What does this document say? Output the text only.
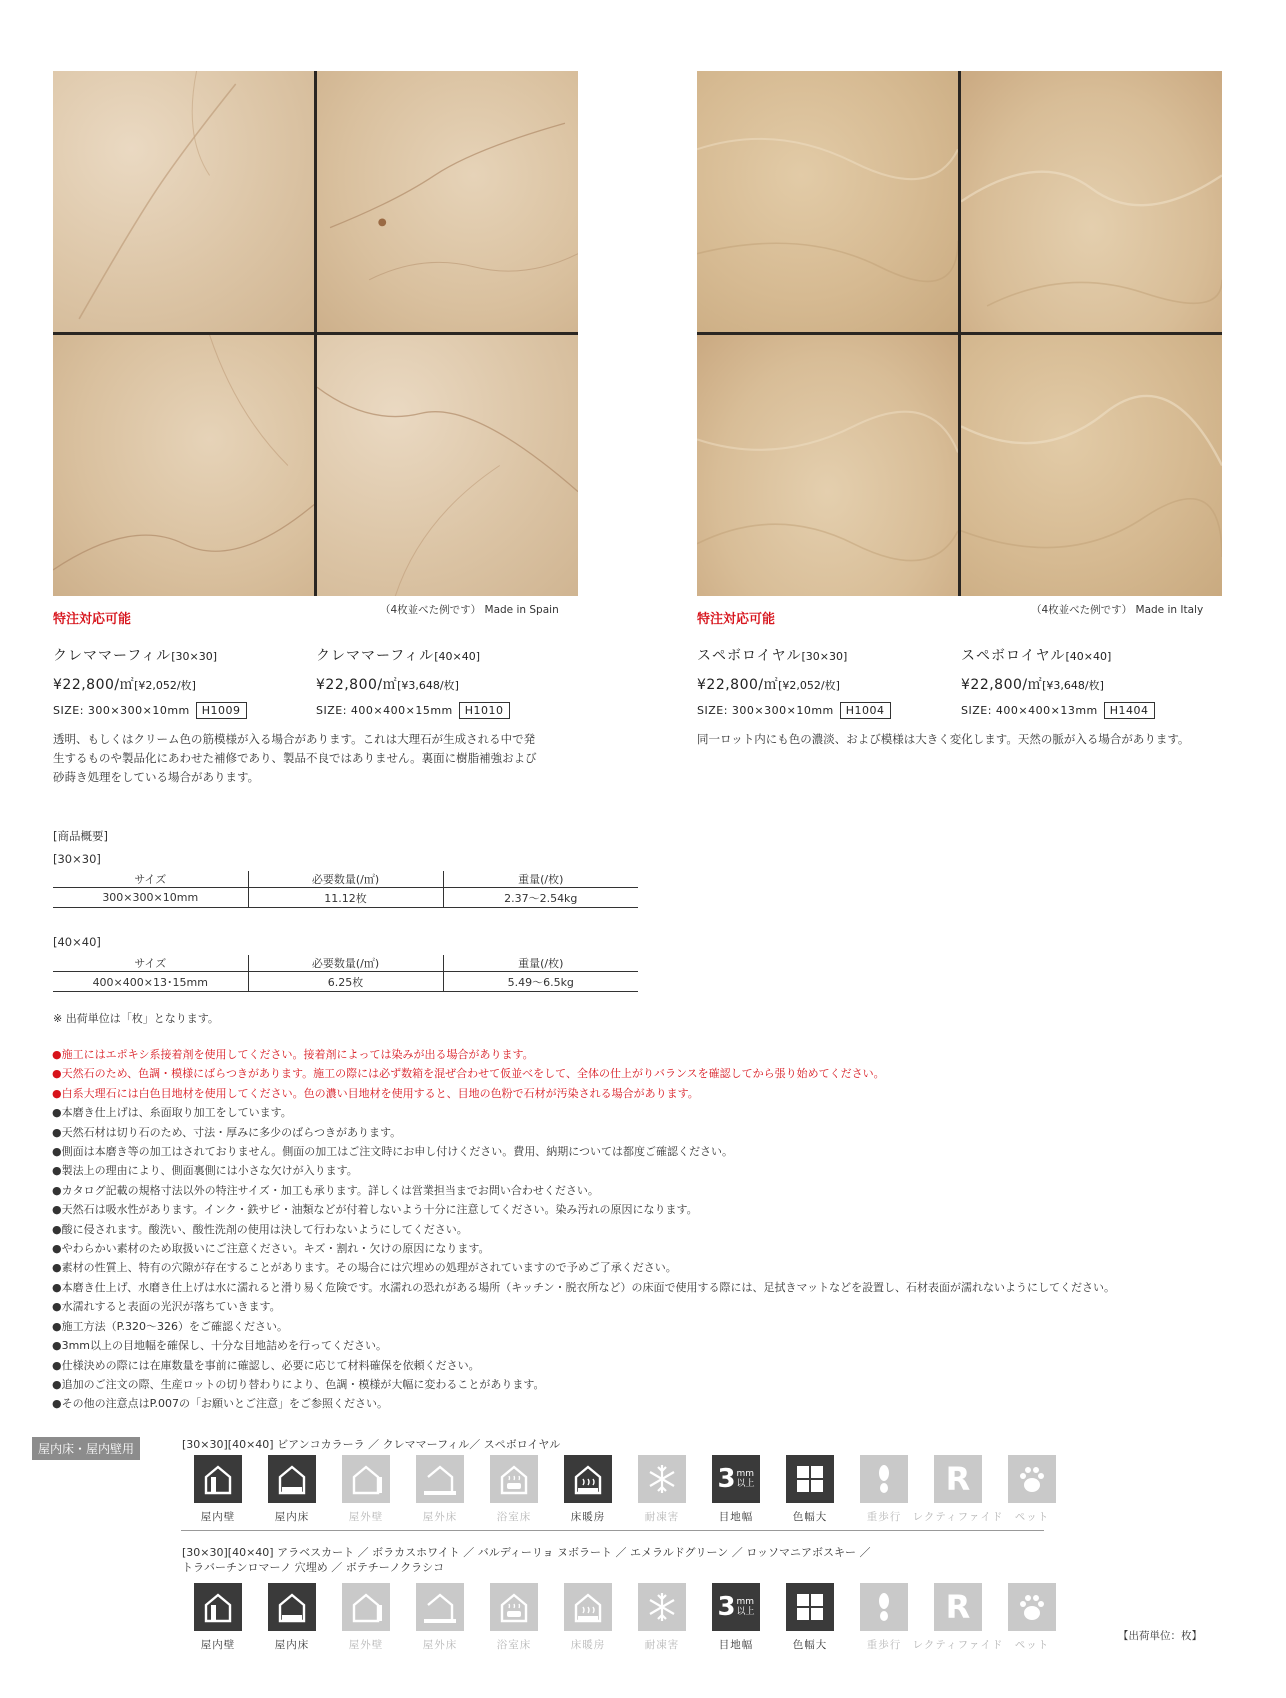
特注対応可能
（4枚並べた例です） Made in Spain
クレママーフィル[30×30]
¥22,800/㎡[¥2,052/枚]
SIZE: 300×300×10mm	H1009
クレママーフィル[40×40]
¥22,800/㎡[¥3,648/枚]
SIZE: 400×400×15mm	H1010
透明、もしくはクリーム色の筋模様が入る場合があります。これは大理石が生成される中で発
生するものや製品化にあわせた補修であり、製品不良ではありません。裏面に樹脂補強および
砂蒔き処理をしている場合があります。
特注対応可能
（4枚並べた例です） Made in Italy
スペボロイヤル[30×30]
¥22,800/㎡[¥2,052/枚]
SIZE: 300×300×10mm	H1004
スペボロイヤル[40×40]
¥22,800/㎡[¥3,648/枚]
SIZE: 400×400×13mm	H1404
同一ロット内にも色の濃淡、および模様は大きく変化します。天然の脈が入る場合があります。
[商品概要]
[30×30]
サイズ	必要数量(/㎡)	重量(/枚)
300×300×10mm	11.12枚	2.37～2.54kg
[40×40]
サイズ	必要数量(/㎡)	重量(/枚)
400×400×13･15mm	6.25枚	5.49～6.5kg
※ 出荷単位は「枚」となります。
●施工にはエポキシ系接着剤を使用してください。接着剤によっては染みが出る場合があります。
●天然石のため、色調・模様にばらつきがあります。施工の際には必ず数箱を混ぜ合わせて仮並べをして、全体の仕上がりバランスを確認してから張り始めてください。
●白系大理石には白色目地材を使用してください。色の濃い目地材を使用すると、目地の色粉で石材が汚染される場合があります。
●本磨き仕上げは、糸面取り加工をしています。
●天然石材は切り石のため、寸法・厚みに多少のばらつきがあります。
●側面は本磨き等の加工はされておりません。側面の加工はご注文時にお申し付けください。費用、納期については都度ご確認ください。
●製法上の理由により、側面裏側には小さな欠けが入ります。
●カタログ記載の規格寸法以外の特注サイズ・加工も承ります。詳しくは営業担当までお問い合わせください。
●天然石は吸水性があります。インク・鉄サビ・油類などが付着しないよう十分に注意してください。染み汚れの原因になります。
●酸に侵されます。酸洗い、酸性洗剤の使用は決して行わないようにしてください。
●やわらかい素材のため取扱いにご注意ください。キズ・割れ・欠けの原因になります。
●素材の性質上、特有の穴隙が存在することがあります。その場合には穴埋めの処理がされていますので予めご了承ください。
●本磨き仕上げ、水磨き仕上げは水に濡れると滑り易く危険です。水濡れの恐れがある場所（キッチン・脱衣所など）の床面で使用する際には、足拭きマットなどを設置し、石材表面が濡れないようにしてください。
●水濡れすると表面の光沢が落ちていきます。
●施工方法（P.320～326）をご確認ください。
●3mm以上の目地幅を確保し、十分な目地詰めを行ってください。
●仕様決めの際には在庫数量を事前に確認し、必要に応じて材料確保を依頼ください。
●追加のご注文の際、生産ロットの切り替わりにより、色調・模様が大幅に変わることがあります。
●その他の注意点はP.007の「お願いとご注意」をご参照ください。
屋内床・屋内壁用	[30×30][40×40] ビアンコカラーラ ／ クレママーフィル／ スペボロイヤル
屋内壁	屋内床	屋外壁	屋外床	浴室床	床暖房	耐凍害
3 mm
以上
目地幅	色幅大	重歩行
R
レクティファイド ペット
[30×30][40×40] アラベスカート ／ ボラカスホワイト ／ バルディーリョ ヌボラート ／ エメラルドグリーン ／ ロッソマニアボスキー ／
トラバーチンロマーノ 穴埋め ／ ボテチーノクラシコ
屋内壁	屋内床	屋外壁	屋外床	浴室床	床暖房	耐凍害
3 mm
以上
目地幅	色幅大	重歩行
R
レクティファイド ペット
【出荷単位：枚】
